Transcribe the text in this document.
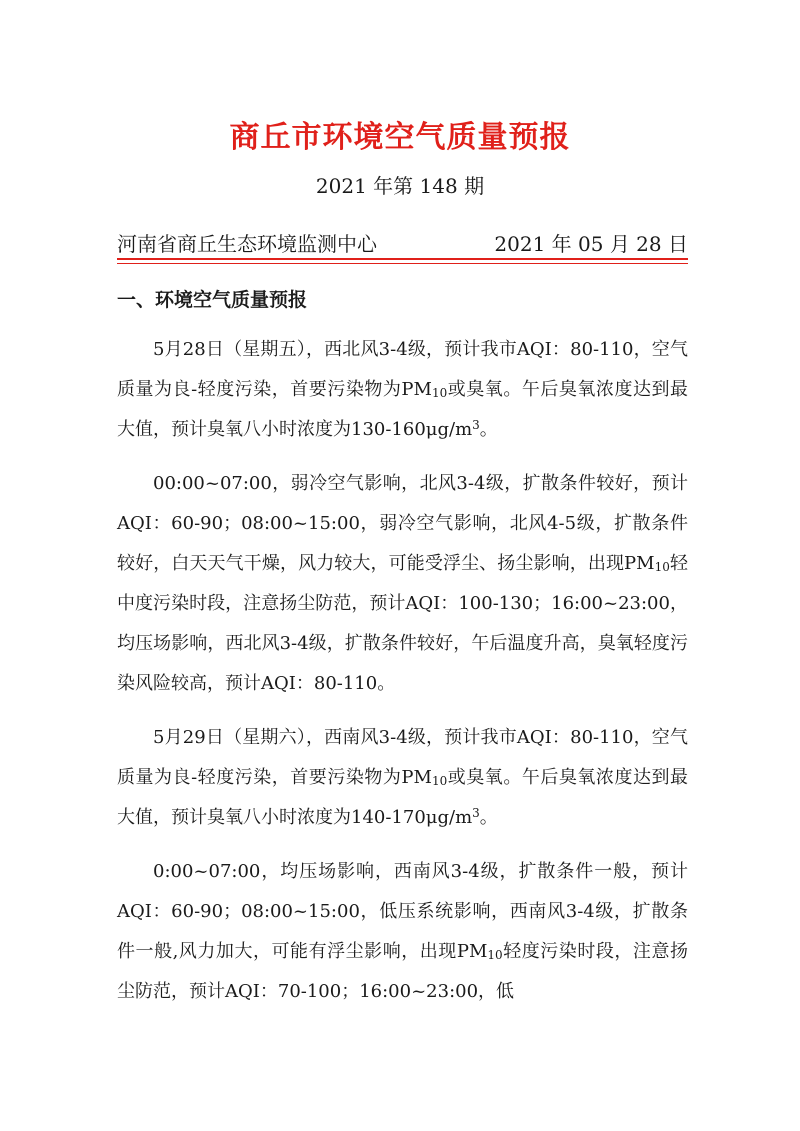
商丘市环境空气质量预报

2021 年第 148 期

河南省商丘生态环境监测中心	2021 年 05 月 28 日
一、环境空气质量预报

5月28日（星期五），西北风3-4级，预计我市AQI：80-110，空气质量为良-轻度污染，首要污染物为$PM_{10}$或臭氧。午后臭氧浓度达到最大值，预计臭氧八小时浓度为$130-160\mu g/m^3$。

00:00~07:00，弱冷空气影响，北风3-4级，扩散条件较好，预计AQI：60-90；08:00~15:00，弱冷空气影响，北风4-5级，扩散条件较好，白天天气干燥，风力较大，可能受浮尘、扬尘影响，出现$PM_{10}$轻中度污染时段，注意扬尘防范，预计AQI：100-130；16:00~23:00，均压场影响，西北风3-4级，扩散条件较好，午后温度升高，臭氧轻度污染风险较高，预计AQI：80-110。

5月29日（星期六），西南风3-4级，预计我市AQI：80-110，空气质量为良-轻度污染，首要污染物为$PM_{10}$或臭氧。午后臭氧浓度达到最大值，预计臭氧八小时浓度为$140-170\mu g/m^3$。

0:00~07:00，均压场影响，西南风3-4级，扩散条件一般，预计AQI：60-90；08:00~15:00，低压系统影响，西南风3-4级，扩散条件一般,风力加大，可能有浮尘影响，出现$PM_{10}$轻度污染时段，注意扬尘防范，预计AQI：70-100；16:00~23:00，低
